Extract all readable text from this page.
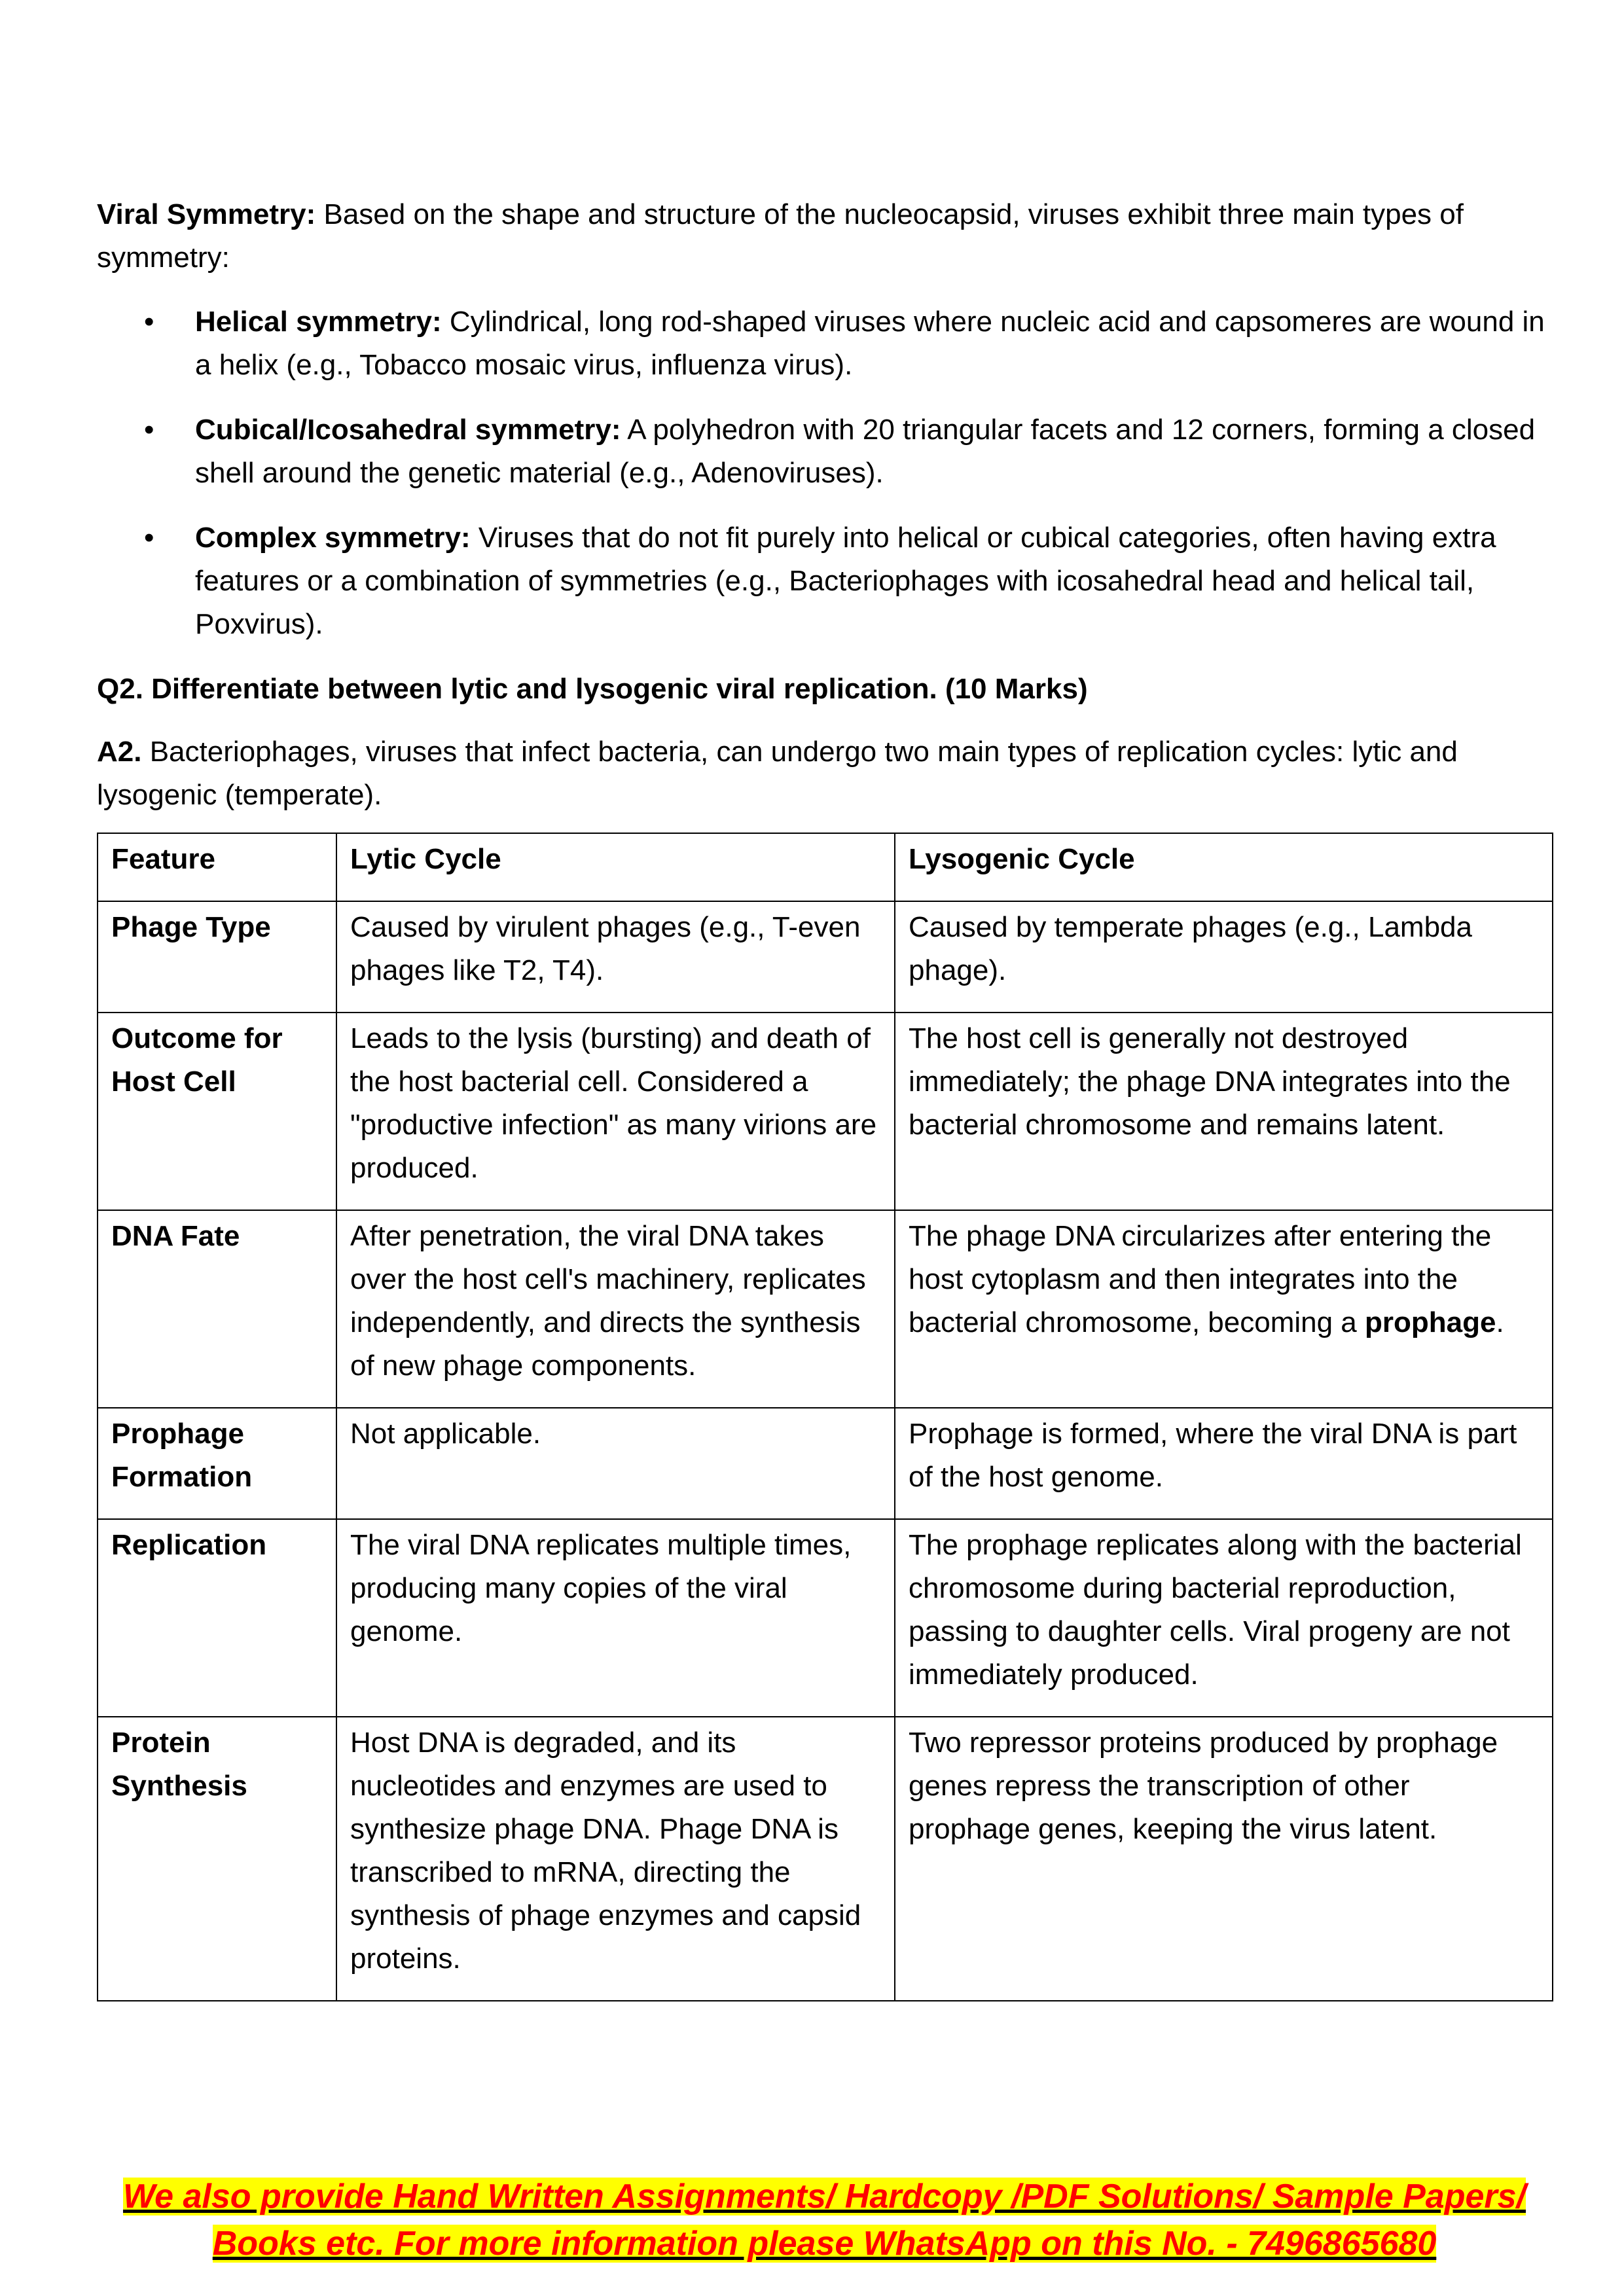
Viral Symmetry: Based on the shape and structure of the nucleocapsid, viruses exhibit three main types of symmetry:

• Helical symmetry: Cylindrical, long rod-shaped viruses where nucleic acid and capsomeres are wound in a helix (e.g., Tobacco mosaic virus, influenza virus).
• Cubical/Icosahedral symmetry: A polyhedron with 20 triangular facets and 12 corners, forming a closed shell around the genetic material (e.g., Adenoviruses).
• Complex symmetry: Viruses that do not fit purely into helical or cubical categories, often having extra features or a combination of symmetries (e.g., Bacteriophages with icosahedral head and helical tail, Poxvirus).

Q2. Differentiate between lytic and lysogenic viral replication. (10 Marks)

A2. Bacteriophages, viruses that infect bacteria, can undergo two main types of replication cycles: lytic and lysogenic (temperate).

Feature	Lytic Cycle	Lysogenic Cycle
Phage Type	Caused by virulent phages (e.g., T-even phages like T2, T4).	Caused by temperate phages (e.g., Lambda phage).
Outcome for Host Cell	Leads to the lysis (bursting) and death of the host bacterial cell. Considered a "productive infection" as many virions are produced.	The host cell is generally not destroyed immediately; the phage DNA integrates into the bacterial chromosome and remains latent.
DNA Fate	After penetration, the viral DNA takes over the host cell's machinery, replicates independently, and directs the synthesis of new phage components.	The phage DNA circularizes after entering the host cytoplasm and then integrates into the bacterial chromosome, becoming a prophage.
Prophage Formation	Not applicable.	Prophage is formed, where the viral DNA is part of the host genome.
Replication	The viral DNA replicates multiple times, producing many copies of the viral genome.	The prophage replicates along with the bacterial chromosome during bacterial reproduction, passing to daughter cells. Viral progeny are not immediately produced.
Protein Synthesis	Host DNA is degraded, and its nucleotides and enzymes are used to synthesize phage DNA. Phage DNA is transcribed to mRNA, directing the synthesis of phage enzymes and capsid proteins.	Two repressor proteins produced by prophage genes repress the transcription of other prophage genes, keeping the virus latent.
We also provide Hand Written Assignments/ Hardcopy /PDF Solutions/ Sample Papers/
Books etc. For more information please WhatsApp on this No. - 7496865680
